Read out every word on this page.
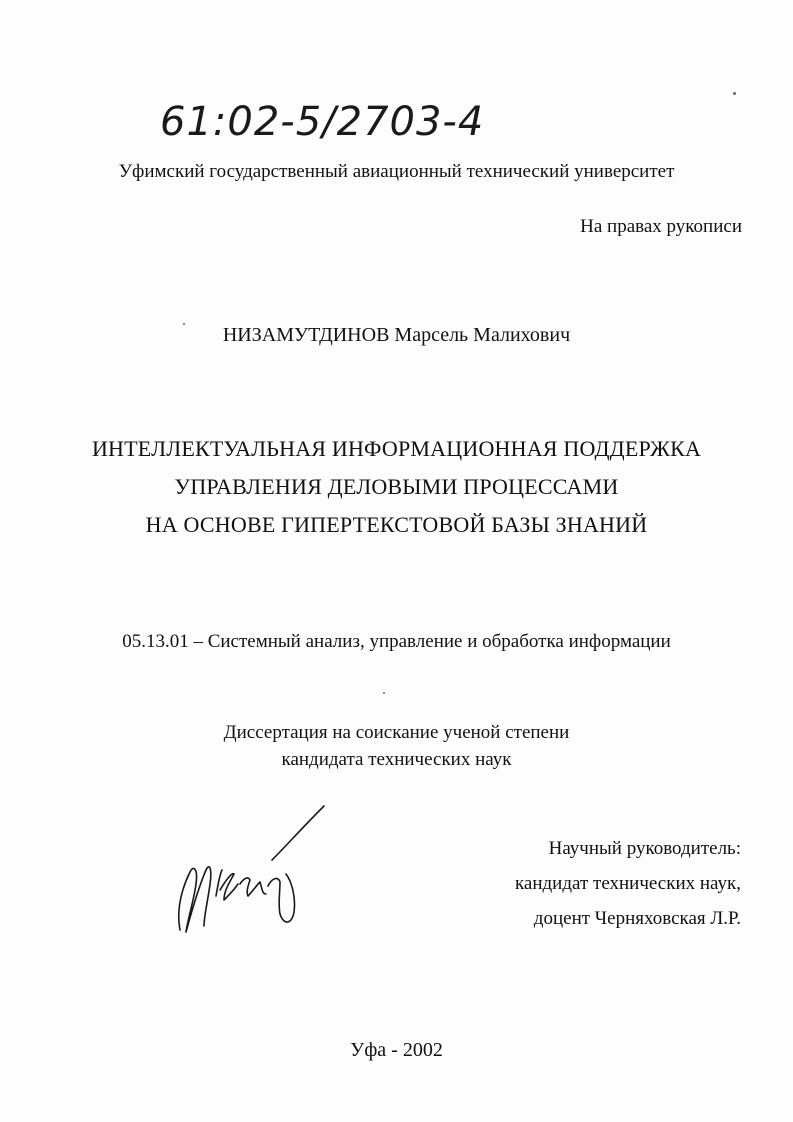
61:02-5/2703-4

Уфимский государственный авиационный технический университет

На правах рукописи

НИЗАМУТДИНОВ Марсель Малихович

ИНТЕЛЛЕКТУАЛЬНАЯ ИНФОРМАЦИОННАЯ ПОДДЕРЖКА
УПРАВЛЕНИЯ ДЕЛОВЫМИ ПРОЦЕССАМИ
НА ОСНОВЕ ГИПЕРТЕКСТОВОЙ БАЗЫ ЗНАНИЙ

05.13.01 – Системный анализ, управление и обработка информации

Диссертация на соискание ученой степени
кандидата технических наук
Научный руководитель:
кандидат технических наук,
доцент Черняховская Л.Р.

Уфа - 2002
